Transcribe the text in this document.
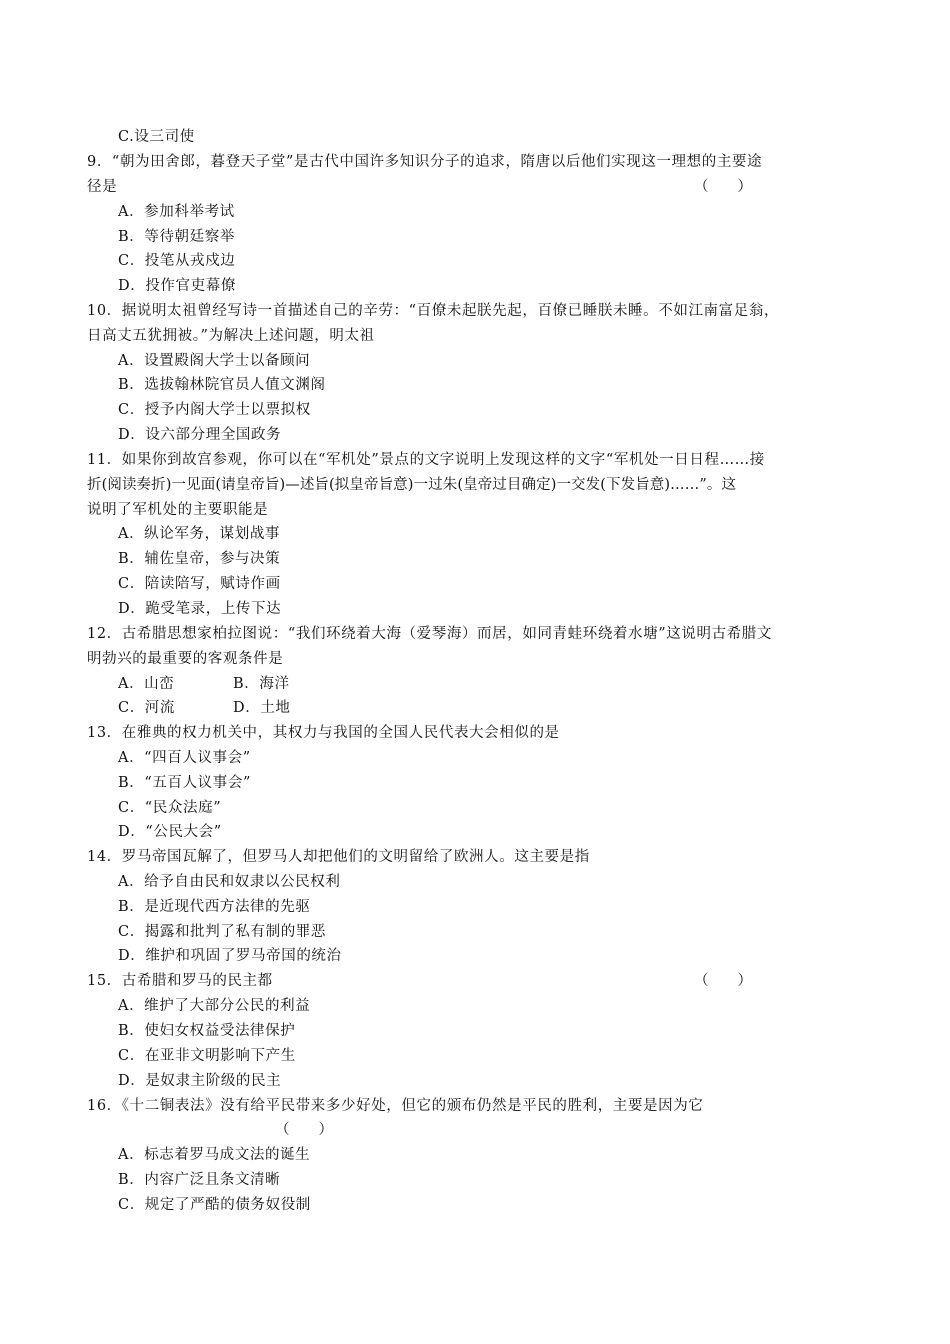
C.设三司使
9．“朝为田舍郎，暮登天子堂”是古代中国许多知识分子的追求，隋唐以后他们实现这一理想的主要途
径是	（　　）
A．参加科举考试
B．等待朝廷察举
C．投笔从戎戍边
D．投作官吏幕僚
10．据说明太祖曾经写诗一首描述自己的辛劳：“百僚未起朕先起，百僚已睡朕未睡。不如江南富足翁，
日高丈五犹拥被。”为解决上述问题，明太祖
A．设置殿阁大学士以备顾问
B．选拔翰林院官员人值文渊阁
C．授予内阁大学士以票拟权
D．设六部分理全国政务
11．如果你到故宫参观，你可以在“军机处”景点的文字说明上发现这样的文字“军机处一日日程……接
折(阅读奏折)一见面(请皇帝旨)—述旨(拟皇帝旨意)一过朱(皇帝过目确定)一交发(下发旨意)……”。这
说明了军机处的主要职能是
A．纵论军务，谋划战事
B．辅佐皇帝，参与决策
C．陪读陪写，赋诗作画
D．跪受笔录，上传下达
12．古希腊思想家柏拉图说：“我们环绕着大海（爱琴海）而居，如同青蛙环绕着水塘”这说明古希腊文
明勃兴的最重要的客观条件是
A．山峦	B．海洋
C．河流	D．土地
13．在雅典的权力机关中，其权力与我国的全国人民代表大会相似的是
A．“四百人议事会”
B．“五百人议事会”
C．“民众法庭”
D．“公民大会”
14．罗马帝国瓦解了，但罗马人却把他们的文明留给了欧洲人。这主要是指
A．给予自由民和奴隶以公民权利
B．是近现代西方法律的先驱
C．揭露和批判了私有制的罪恶
D．维护和巩固了罗马帝国的统治
15．古希腊和罗马的民主都	（　　）
A．维护了大部分公民的利益
B．使妇女权益受法律保护
C．在亚非文明影响下产生
D．是奴隶主阶级的民主
16．《十二铜表法》没有给平民带来多少好处，但它的颁布仍然是平民的胜利，主要是因为它
（　　）
A．标志着罗马成文法的诞生
B．内容广泛且条文清晰
C．规定了严酷的债务奴役制
